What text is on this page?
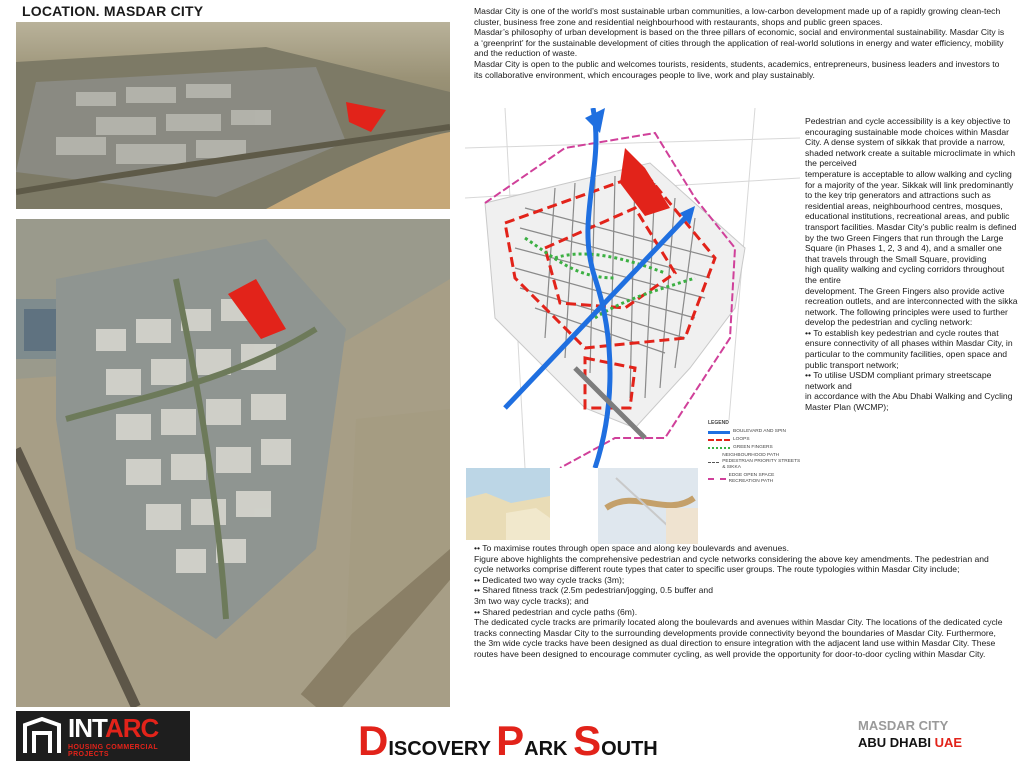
LOCATION. MASDAR CITY	Masdar City is one of the world’s most sustainable urban communities, a low-carbon development made up of a rapidly growing clean-tech cluster, business free zone and residential neighbourhood with restaurants, shops and public green spaces.

Masdar’s philosophy of urban development is based on the three pillars of economic, social and environmental sustainability. Masdar City is a ‘greenprint’ for the sustainable development of cities through the application of real-world solutions in energy and water efficiency, mobility and the reduction of waste.

Masdar City is open to the public and welcomes tourists, residents, students, academics, entrepreneurs, business leaders and investors to its collaborative environment, which encourages people to live, work and play sustainably.

LEGEND
BOULEVARD AND SPIN
LOOPS
GREEN FINGERS
NEIGHBOURHOOD PATH PEDESTRIAN PRIORITY STREETS & SIKKA
EDGE OPEN SPACE RECREATION PATH

Pedestrian and cycle accessibility is a key objective to encouraging sustainable mode choices within Masdar City. A dense system of sikkak that provide a narrow, shaded network create a suitable microclimate in which the perceived

temperature is acceptable to allow walking and cycling for a majority of the year. Sikkak will link predominantly to the key trip generators and attractions such as residential areas, neighbourhood centres, mosques, educational institutions, recreational areas, and public transport facilities. Masdar City’s public realm is defined by the two Green Fingers that run through the Large Square (in Phases 1, 2, 3 and 4), and a smaller one that travels through the Small Square, providing

high quality walking and cycling corridors throughout the entire

development. The Green Fingers also provide active recreation outlets, and are interconnected with the sikka network. The following principles were used to further develop the pedestrian and cycling network:

•• To establish key pedestrian and cycle routes that ensure connectivity of all phases within Masdar City, in particular to the community facilities, open space and public transport network;

•• To utilise USDM compliant primary streetscape network and

in accordance with the Abu Dhabi Walking and Cycling

Master Plan (WCMP);

•• To maximise routes through open space and along key boulevards and avenues.

Figure above highlights the comprehensive pedestrian and cycle networks considering the above key amendments. The pedestrian and cycle networks comprise different route types that cater to specific user groups. The route typologies within Masdar City include;

•• Dedicated two way cycle tracks (3m);

•• Shared fitness track (2.5m pedestrian/jogging, 0.5 buffer and

3m two way cycle tracks); and

•• Shared pedestrian and cycle paths (6m).

The dedicated cycle tracks are primarily located along the boulevards and avenues within Masdar City. The locations of the dedicated cycle tracks connecting Masdar City to the surrounding developments provide connectivity beyond the boundaries of Masdar City. Furthermore, the 3m wide cycle tracks have been designed as dual direction to ensure integration with the adjacent land use within Masdar City. These routes have been designed to encourage commuter cycling, as well provide the opportunity for door-to-door cycling within Masdar City.

INTARC
HOUSING COMMERCIAL PROJECTS	DISCOVERY PARK SOUTH
MASDAR CITY
ABU DHABI UAE
